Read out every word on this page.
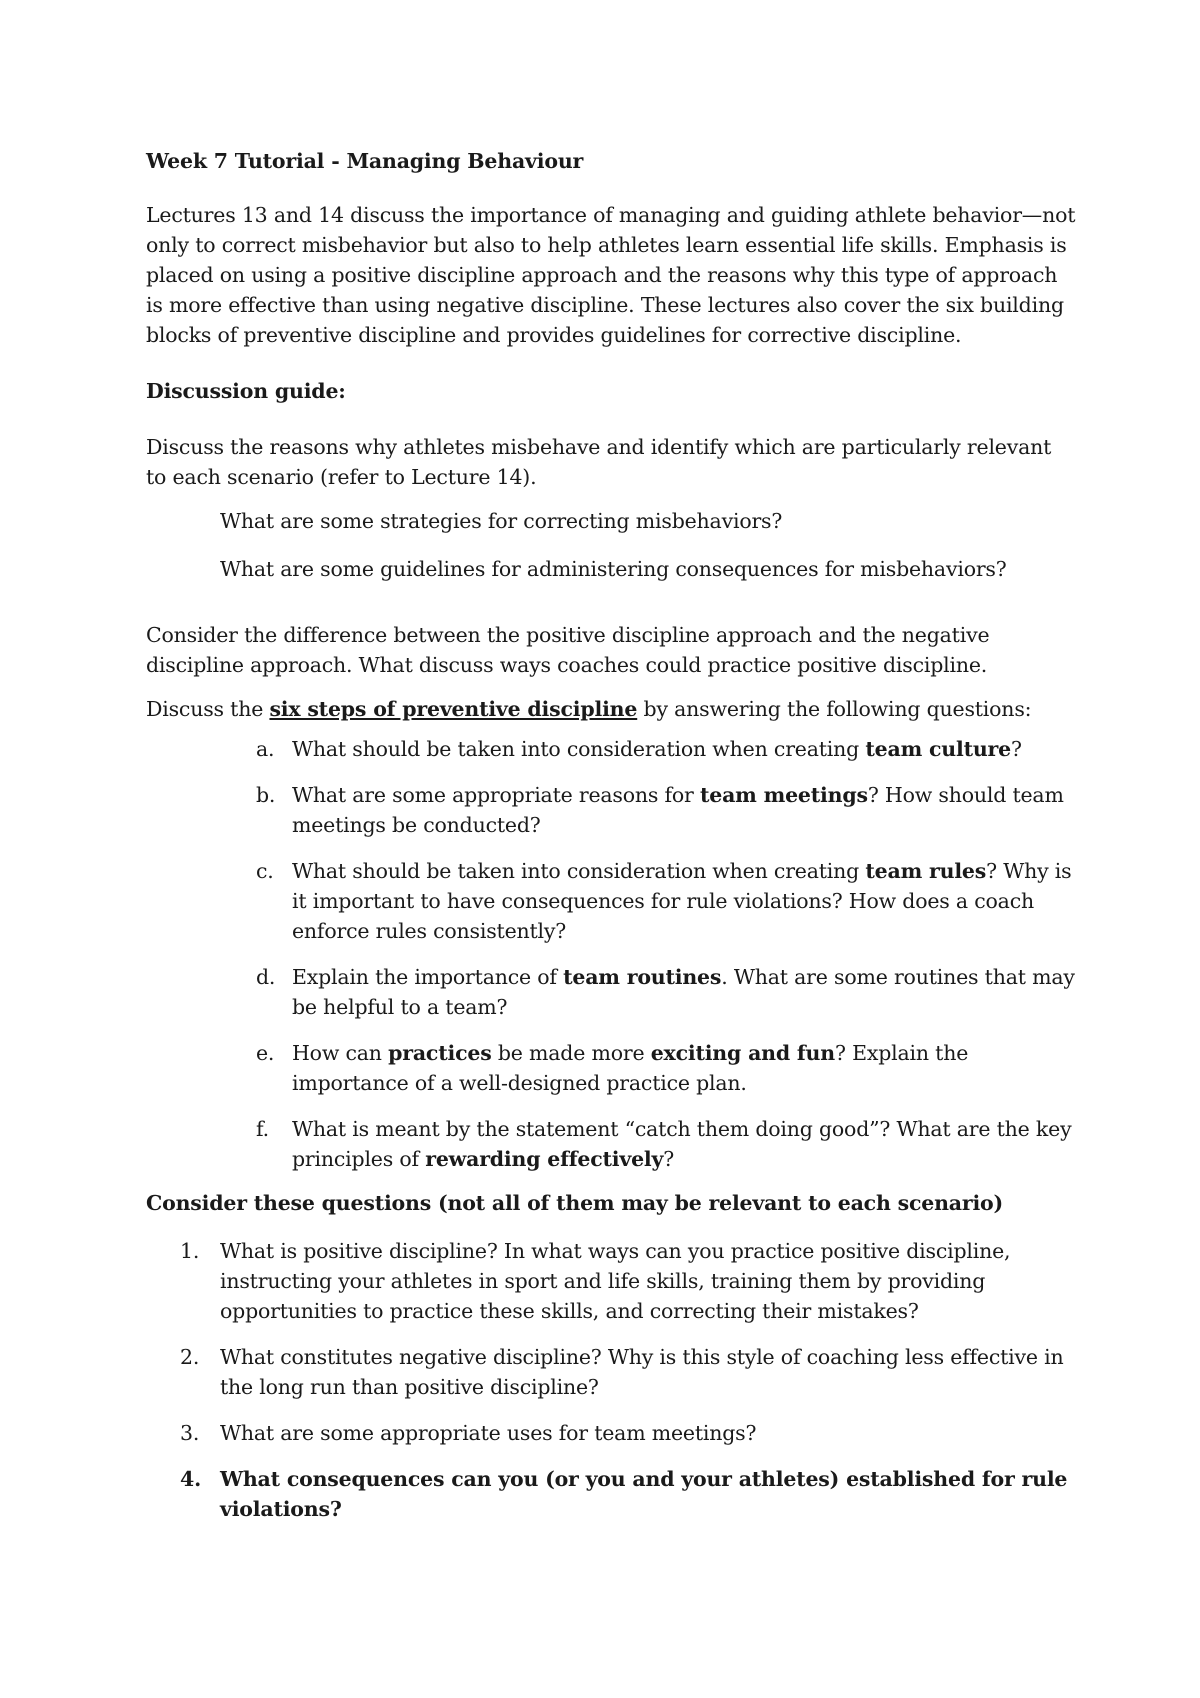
Week 7 Tutorial - Managing Behaviour

Lectures 13 and 14 discuss the importance of managing and guiding athlete behavior—not only to correct misbehavior but also to help athletes learn essential life skills. Emphasis is placed on using a positive discipline approach and the reasons why this type of approach is more effective than using negative discipline. These lectures also cover the six building blocks of preventive discipline and provides guidelines for corrective discipline.

Discussion guide:

Discuss the reasons why athletes misbehave and identify which are particularly relevant to each scenario (refer to Lecture 14).

What are some strategies for correcting misbehaviors?

What are some guidelines for administering consequences for misbehaviors?

Consider the difference between the positive discipline approach and the negative discipline approach. What discuss ways coaches could practice positive discipline.

Discuss the six steps of preventive discipline by answering the following questions:

a. What should be taken into consideration when creating team culture?
b. What are some appropriate reasons for team meetings? How should team meetings be conducted?
c. What should be taken into consideration when creating team rules? Why is it important to have consequences for rule violations? How does a coach enforce rules consistently?
d. Explain the importance of team routines. What are some routines that may be helpful to a team?
e. How can practices be made more exciting and fun? Explain the importance of a well-designed practice plan.
f. What is meant by the statement “catch them doing good”? What are the key principles of rewarding effectively?

Consider these questions (not all of them may be relevant to each scenario)

1. What is positive discipline? In what ways can you practice positive discipline, instructing your athletes in sport and life skills, training them by providing opportunities to practice these skills, and correcting their mistakes?
2. What constitutes negative discipline? Why is this style of coaching less effective in the long run than positive discipline?
3. What are some appropriate uses for team meetings?
4. What consequences can you (or you and your athletes) established for rule violations?
